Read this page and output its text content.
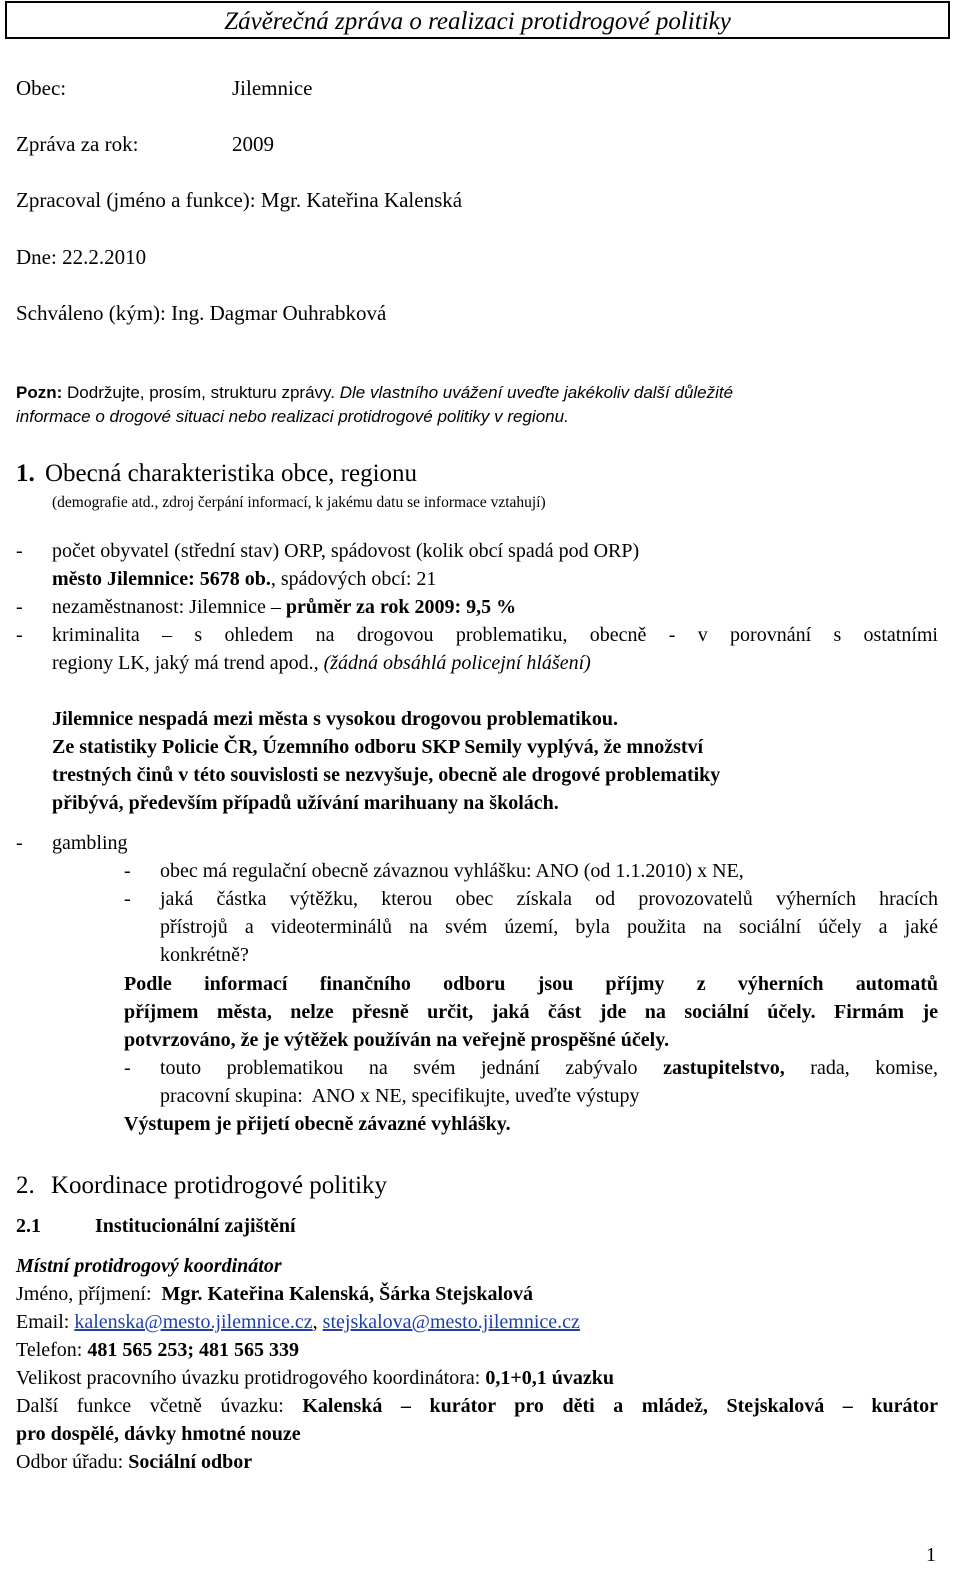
Závěrečná zpráva o realizaci protidrogové politiky
Obec:	Jilemnice
Zpráva za rok:	2009
Zpracoval (jméno a funkce): Mgr. Kateřina Kalenská
Dne: 22.2.2010
Schváleno (kým): Ing. Dagmar Ouhrabková
Pozn: Dodržujte, prosím, strukturu zprávy. Dle vlastního uvážení uveďte jakékoliv další důležité
informace o drogové situaci nebo realizaci protidrogové politiky v regionu.
1. Obecná charakteristika obce, regionu
(demografie atd., zdroj čerpání informací, k jakému datu se informace vztahují)
- počet obyvatel (střední stav) ORP, spádovost (kolik obcí spadá pod ORP)
město Jilemnice: 5678 ob., spádových obcí: 21
- nezaměstnanost: Jilemnice – průměr za rok 2009: 9,5 %
- kriminalita – s ohledem na drogovou problematiku, obecně - v porovnání s ostatními
regiony LK, jaký má trend apod., (žádná obsáhlá policejní hlášení)
Jilemnice nespadá mezi města s vysokou drogovou problematikou.
Ze statistiky Policie ČR, Územního odboru SKP Semily vyplývá, že množství
trestných činů v této souvislosti se nezvyšuje, obecně ale drogové problematiky
přibývá, především případů užívání marihuany na školách.
- gambling
- obec má regulační obecně závaznou vyhlášku: ANO (od 1.1.2010) x NE,
- jaká částka výtěžku, kterou obec získala od provozovatelů výherních hracích
přístrojů a videoterminálů na svém území, byla použita na sociální účely a jaké
konkrétně?
Podle informací finančního odboru jsou příjmy z výherních automatů
příjmem města, nelze přesně určit, jaká část jde na sociální účely. Firmám je
potvrzováno, že je výtěžek používán na veřejně prospěšné účely.
- touto problematikou na svém jednání zabývalo zastupitelstvo, rada, komise,
pracovní skupina:  ANO x NE, specifikujte, uveďte výstupy
Výstupem je přijetí obecně závazné vyhlášky.
2. Koordinace protidrogové politiky
2.1	Institucionální zajištění
Místní protidrogový koordinátor
Jméno, příjmení:  Mgr. Kateřina Kalenská, Šárka Stejskalová
Email: kalenska@mesto.jilemnice.cz, stejskalova@mesto.jilemnice.cz
Telefon: 481 565 253; 481 565 339
Velikost pracovního úvazku protidrogového koordinátora: 0,1+0,1 úvazku
Další funkce včetně úvazku: Kalenská – kurátor pro děti a mládež, Stejskalová – kurátor
pro dospělé, dávky hmotné nouze
Odbor úřadu: Sociální odbor
1
